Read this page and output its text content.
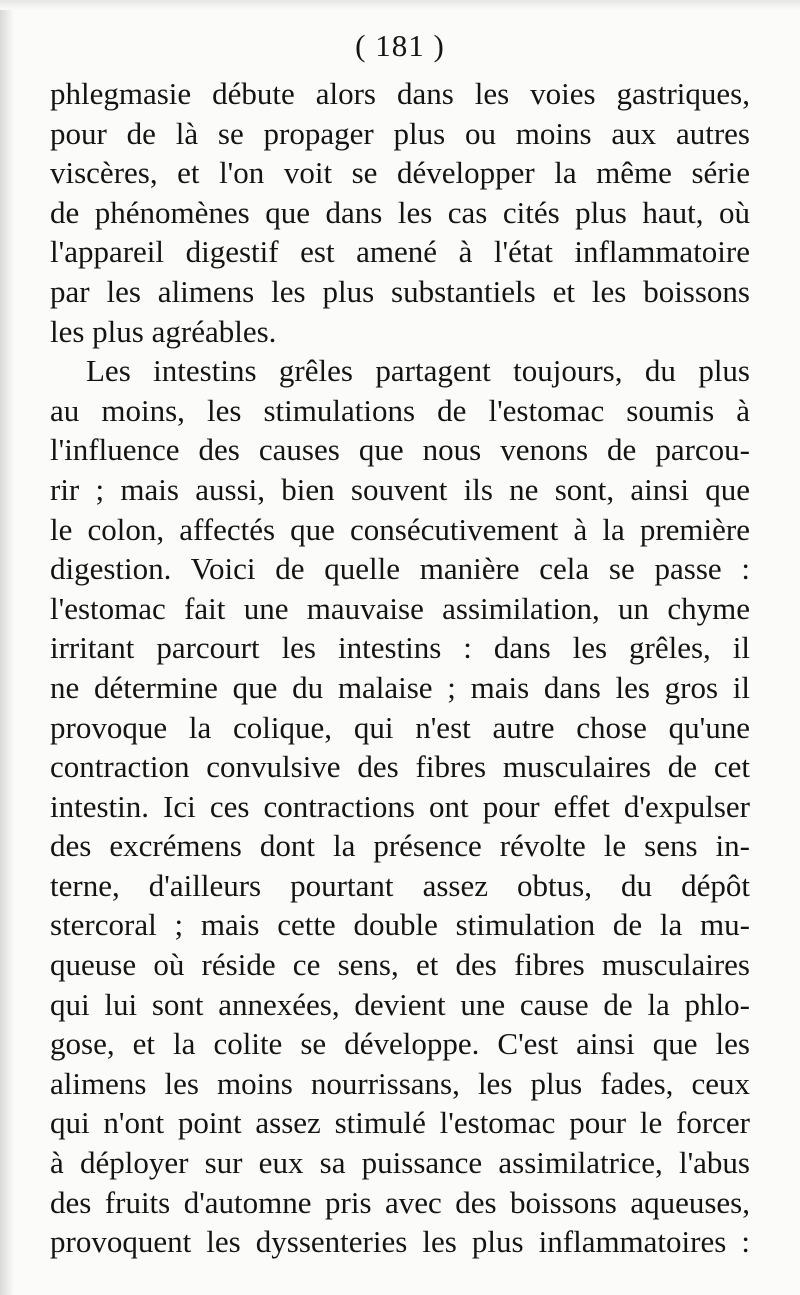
( 181 )
phlegmasie débute alors dans les voies gastriques,
pour de là se propager plus ou moins aux autres
viscères, et l'on voit se développer la même série
de phénomènes que dans les cas cités plus haut, où
l'appareil digestif est amené à l'état inflammatoire
par les alimens les plus substantiels et les boissons
les plus agréables.
Les intestins grêles partagent toujours, du plus
au moins, les stimulations de l'estomac soumis à
l'influence des causes que nous venons de parcou-
rir ; mais aussi, bien souvent ils ne sont, ainsi que
le colon, affectés que consécutivement à la première
digestion. Voici de quelle manière cela se passe :
l'estomac fait une mauvaise assimilation, un chyme
irritant parcourt les intestins : dans les grêles, il
ne détermine que du malaise ; mais dans les gros il
provoque la colique, qui n'est autre chose qu'une
contraction convulsive des fibres musculaires de cet
intestin. Ici ces contractions ont pour effet d'expulser
des excrémens dont la présence révolte le sens in-
terne, d'ailleurs pourtant assez obtus, du dépôt
stercoral ; mais cette double stimulation de la mu-
queuse où réside ce sens, et des fibres musculaires
qui lui sont annexées, devient une cause de la phlo-
gose, et la colite se développe. C'est ainsi que les
alimens les moins nourrissans, les plus fades, ceux
qui n'ont point assez stimulé l'estomac pour le forcer
à déployer sur eux sa puissance assimilatrice, l'abus
des fruits d'automne pris avec des boissons aqueuses,
provoquent les dyssenteries les plus inflammatoires :
